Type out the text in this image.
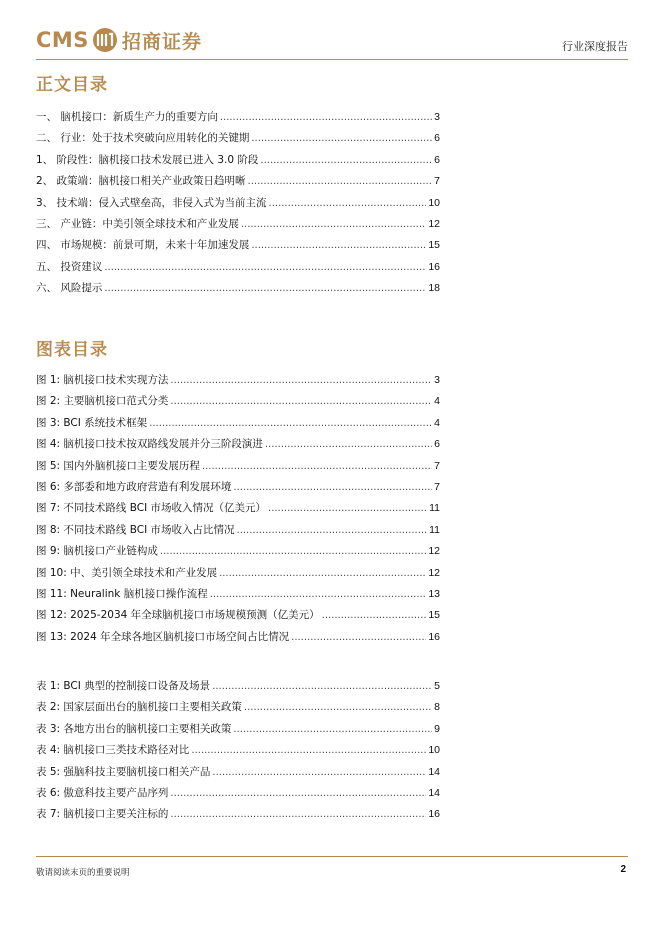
CMS 招商证券	行业深度报告
正文目录
一、 脑机接口：新质生产力的重要方向 .....	3
二、 行业：处于技术突破向应用转化的关键期 .....	6
1、 阶段性：脑机接口技术发展已进入 3.0 阶段 .....	6
2、 政策端：脑机接口相关产业政策日趋明晰 .....	7
3、 技术端：侵入式壁垒高，非侵入式为当前主流 .....	10
三、 产业链：中美引领全球技术和产业发展 .....	12
四、 市场规模：前景可期，未来十年加速发展 .....	15
五、 投资建议 .....	16
六、 风险提示 .....	18
图表目录
图 1: 脑机接口技术实现方法 .....	3
图 2: 主要脑机接口范式分类 .....	4
图 3: BCI 系统技术框架 .....	4
图 4: 脑机接口技术按双路线发展并分三阶段演进 .....	6
图 5: 国内外脑机接口主要发展历程 .....	7
图 6: 多部委和地方政府营造有利发展环境 .....	7
图 7: 不同技术路线 BCI 市场收入情况（亿美元） .....	11
图 8: 不同技术路线 BCI 市场收入占比情况 .....	11
图 9: 脑机接口产业链构成 .....	12
图 10: 中、美引领全球技术和产业发展 .....	12
图 11: Neuralink 脑机接口操作流程 .....	13
图 12: 2025-2034 年全球脑机接口市场规模预测（亿美元） .....	15
图 13: 2024 年全球各地区脑机接口市场空间占比情况 .....	16
表 1: BCI 典型的控制接口设备及场景 .....	5
表 2: 国家层面出台的脑机接口主要相关政策 .....	8
表 3: 各地方出台的脑机接口主要相关政策 .....	9
表 4: 脑机接口三类技术路径对比 .....	10
表 5: 强脑科技主要脑机接口相关产品 .....	14
表 6: 傲意科技主要产品序列 .....	14
表 7: 脑机接口主要关注标的 .....	16
敬请阅读末页的重要说明	2
